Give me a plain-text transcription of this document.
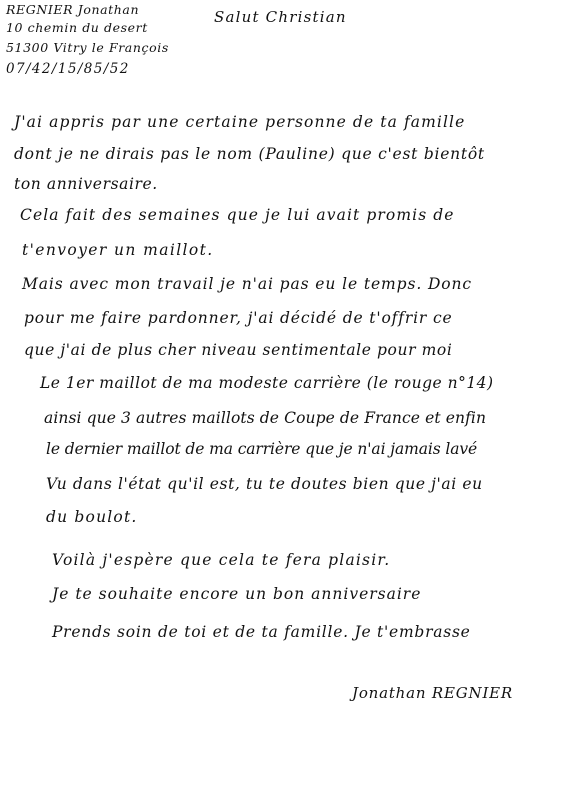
REGNIER Jonathan
10 chemin du desert
51300 Vitry le François
07/42/15/85/52
Salut Christian
J'ai appris par une certaine personne de ta famille
dont je ne dirais pas le nom (Pauline) que c'est bientôt
ton anniversaire.
Cela fait des semaines que je lui avait promis de
t'envoyer un maillot.
Mais avec mon travail je n'ai pas eu le temps. Donc
pour me faire pardonner, j'ai décidé de t'offrir ce
que j'ai de plus cher niveau sentimentale pour moi
Le 1er maillot de ma modeste carrière (le rouge n°14)
ainsi que 3 autres maillots de Coupe de France et enfin
le dernier maillot de ma carrière que je n'ai jamais lavé
Vu dans l'état qu'il est, tu te doutes bien que j'ai eu
du boulot.
Voilà j'espère que cela te fera plaisir.
Je te souhaite encore un bon anniversaire
Prends soin de toi et de ta famille. Je t'embrasse
Jonathan REGNIER
